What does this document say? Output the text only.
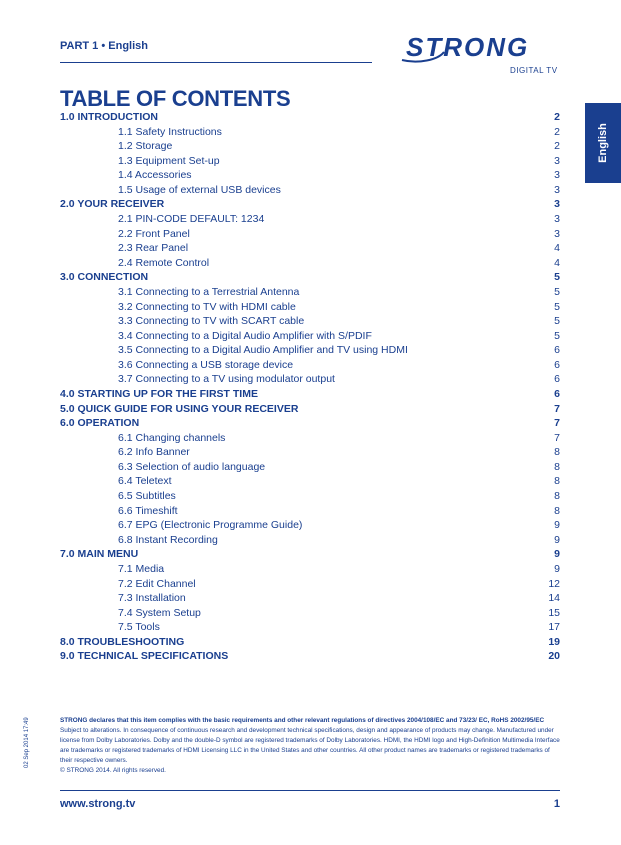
PART 1 • English	STRONG
DIGITAL TV
English
TABLE OF CONTENTS
1.0 INTRODUCTION	2
1.1 Safety Instructions	2
1.2 Storage	2
1.3 Equipment Set-up	3
1.4 Accessories	3
1.5 Usage of external USB devices	3
2.0 YOUR RECEIVER	3
2.1 PIN-CODE DEFAULT: 1234	3
2.2 Front Panel	3
2.3 Rear Panel	4
2.4 Remote Control	4
3.0 CONNECTION	5
3.1 Connecting to a Terrestrial Antenna	5
3.2 Connecting to TV with HDMI cable	5
3.3 Connecting to TV with SCART cable	5
3.4 Connecting to a Digital Audio Amplifier with S/PDIF	5
3.5 Connecting to a Digital Audio Amplifier and TV using HDMI	6
3.6 Connecting a USB storage device	6
3.7 Connecting to a TV using modulator output	6
4.0 STARTING UP FOR THE FIRST TIME	6
5.0 QUICK GUIDE FOR USING YOUR RECEIVER	7
6.0 OPERATION	7
6.1 Changing channels	7
6.2 Info Banner	8
6.3 Selection of audio language	8
6.4 Teletext	8
6.5 Subtitles	8
6.6 Timeshift	8
6.7 EPG (Electronic Programme Guide)	9
6.8 Instant Recording	9
7.0 MAIN MENU	9
7.1 Media	9
7.2 Edit Channel	12
7.3 Installation	14
7.4 System Setup	15
7.5 Tools	17
8.0 TROUBLESHOOTING	19
9.0 TECHNICAL SPECIFICATIONS	20
STRONG declares that this item complies with the basic requirements and other relevant regulations of directives 2004/108/EC and 73/23/ EC, RoHS 2002/95/EC
Subject to alterations. In consequence of continuous research and development technical specifications, design and appearance of products may change. Manufactured under license from Dolby Laboratories. Dolby and the double-D symbol are registered trademarks of Dolby Laboratories. HDMI, the HDMI logo and High-Definition Multimedia Interface are trademarks or registered trademarks of HDMI Licensing LLC in the United States and other countries. All other product names are trademarks or registered trademarks of their respective owners.
© STRONG 2014. All rights reserved.
02 Sep 2014 17:49
www.strong.tv	1
